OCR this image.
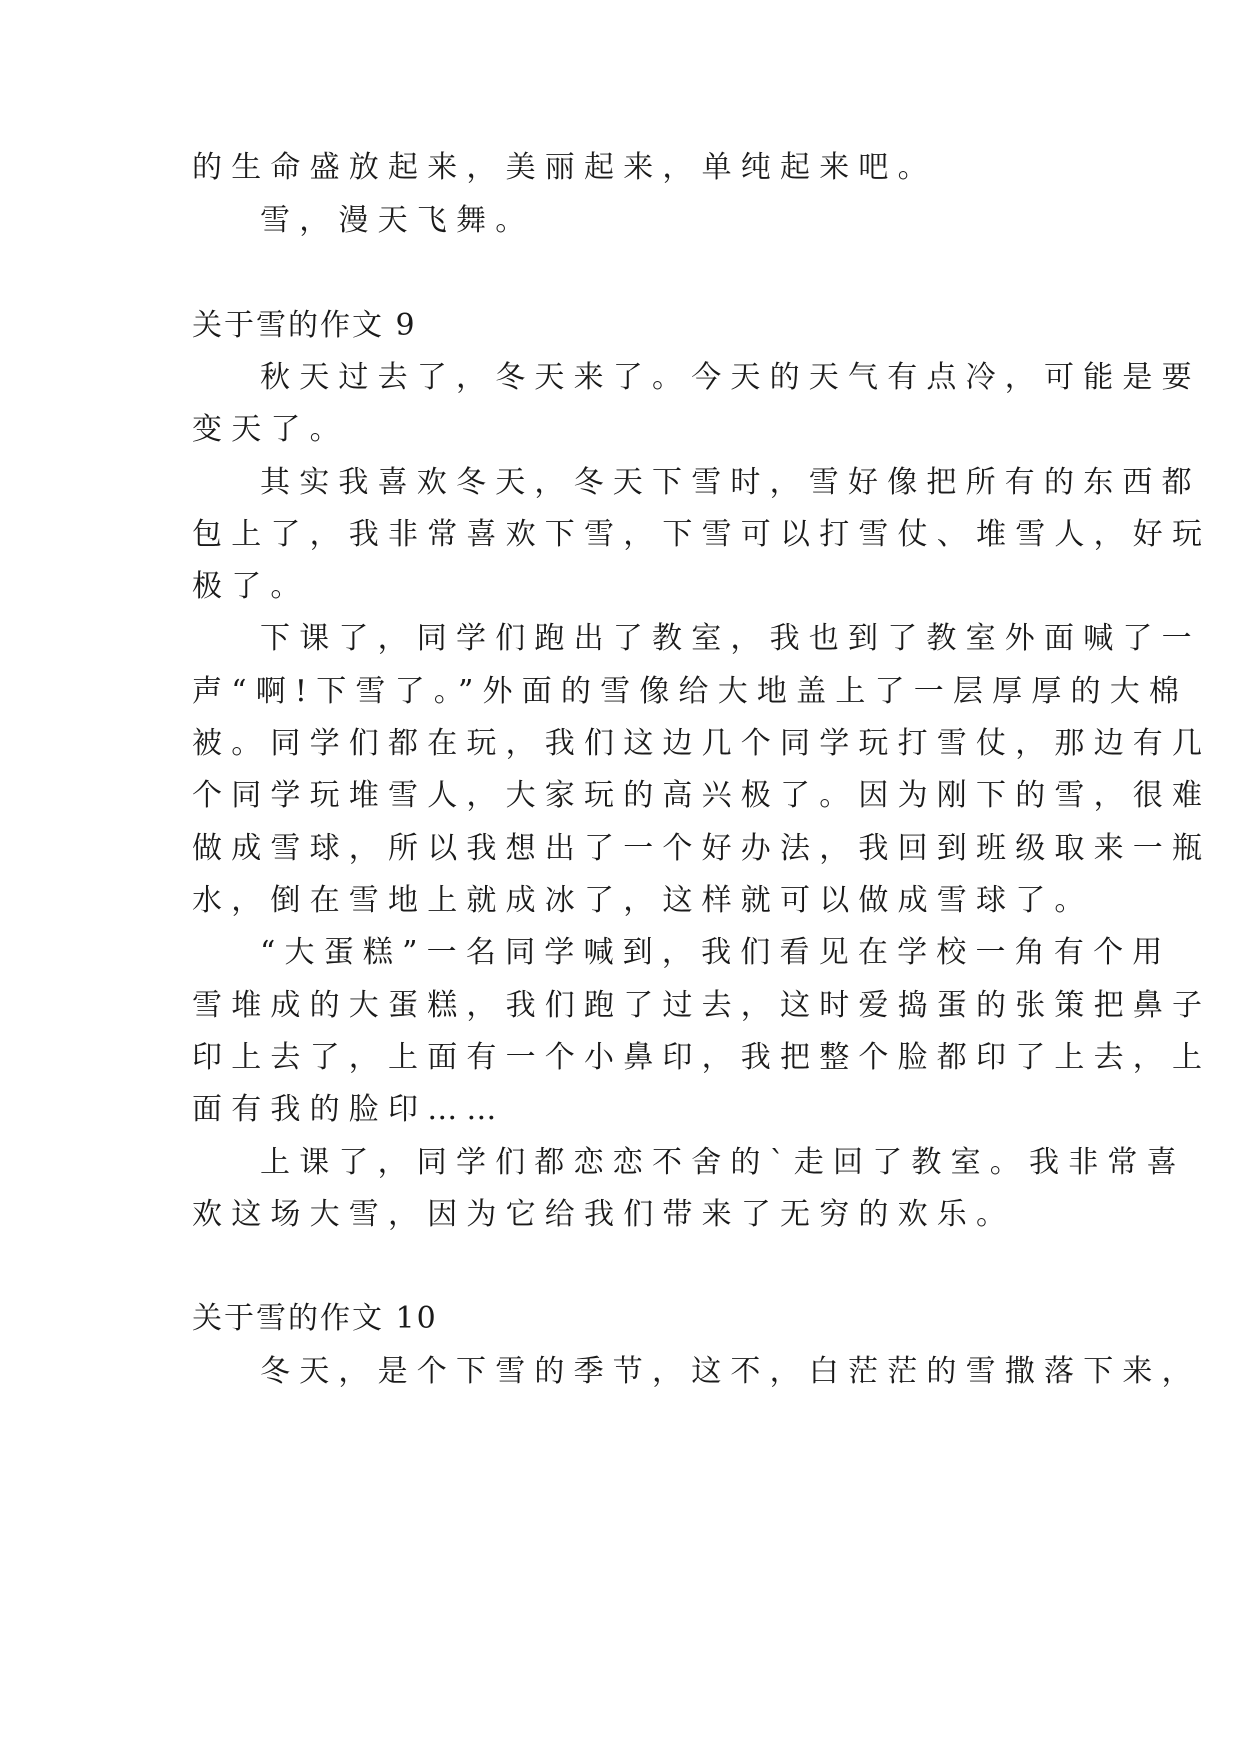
的生命盛放起来，美丽起来，单纯起来吧。
雪，漫天飞舞。
关于雪的作文 9
秋天过去了，冬天来了。今天的天气有点冷，可能是要
变天了。
其实我喜欢冬天，冬天下雪时，雪好像把所有的东西都
包上了，我非常喜欢下雪，下雪可以打雪仗、堆雪人，好玩
极了。
下课了，同学们跑出了教室，我也到了教室外面喊了一
声“啊!下雪了。”外面的雪像给大地盖上了一层厚厚的大棉
被。同学们都在玩，我们这边几个同学玩打雪仗，那边有几
个同学玩堆雪人，大家玩的高兴极了。因为刚下的雪，很难
做成雪球，所以我想出了一个好办法，我回到班级取来一瓶
水，倒在雪地上就成冰了，这样就可以做成雪球了。
“大蛋糕”一名同学喊到，我们看见在学校一角有个用
雪堆成的大蛋糕，我们跑了过去，这时爱捣蛋的张策把鼻子
印上去了，上面有一个小鼻印，我把整个脸都印了上去，上
面有我的脸印……
上课了，同学们都恋恋不舍的`走回了教室。我非常喜
欢这场大雪，因为它给我们带来了无穷的欢乐。
关于雪的作文 10
冬天，是个下雪的季节，这不，白茫茫的雪撒落下来，
